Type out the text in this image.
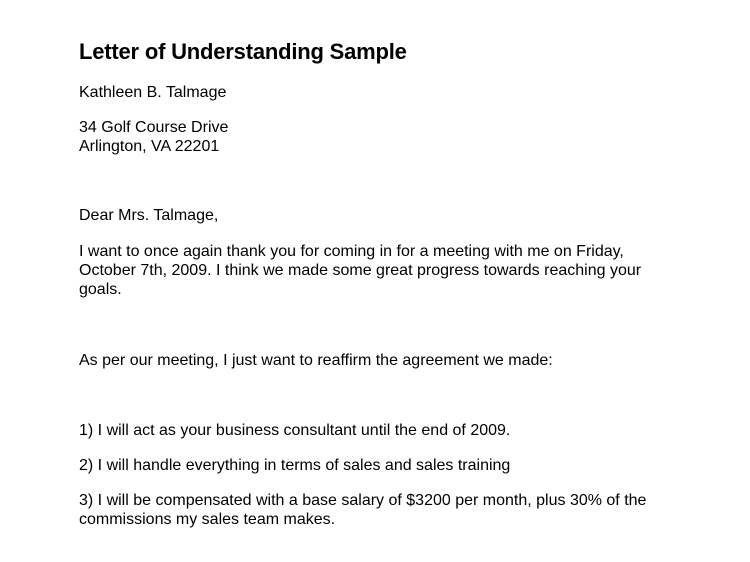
Letter of Understanding Sample
Kathleen B. Talmage
34 Golf Course Drive
Arlington, VA 22201
Dear Mrs. Talmage,
I want to once again thank you for coming in for a meeting with me on Friday,
October 7th, 2009. I think we made some great progress towards reaching your
goals.
As per our meeting, I just want to reaffirm the agreement we made:
1) I will act as your business consultant until the end of 2009.
2) I will handle everything in terms of sales and sales training
3) I will be compensated with a base salary of $3200 per month, plus 30% of the
commissions my sales team makes.
